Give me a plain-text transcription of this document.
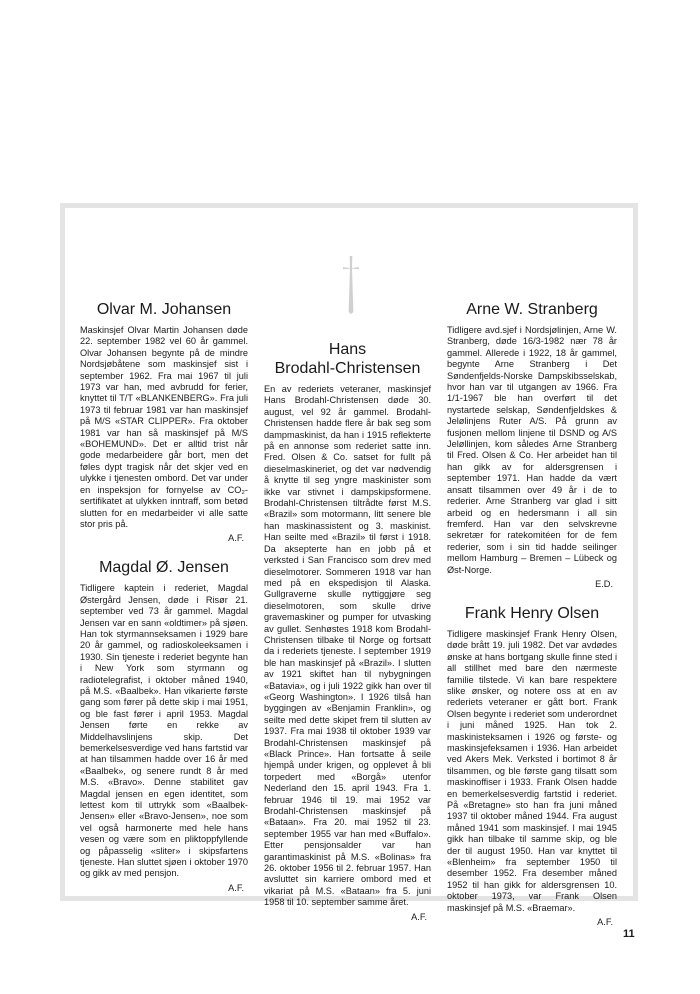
Olvar M. Johansen

Maskinsjef Olvar Martin Johansen døde 22. september 1982 vel 60 år gammel. Olvar Johansen begynte på de mindre Nordsjøbåtene som maskinsjef sist i september 1962. Fra mai 1967 til juli 1973 var han, med avbrudd for ferier, knyttet til T/T «BLANKENBERG». Fra juli 1973 til februar 1981 var han maskinsjef på M/S «STAR CLIPPER». Fra oktober 1981 var han så maskinsjef på M/S «BOHEMUND». Det er alltid trist når gode medarbeidere går bort, men det føles dypt tragisk når det skjer ved en ulykke i tjenesten ombord. Det var under en inspeksjon for fornyelse av CO₂-sertifikatet at ulykken inntraff, som betød slutten for en medarbeider vi alle satte stor pris på.

A.F.

Magdal Ø. Jensen

Tidligere kaptein i rederiet, Magdal Østergård Jensen, døde i Risør 21. september ved 73 år gammel. Magdal Jensen var en sann «oldtimer» på sjøen. Han tok styrmannseksamen i 1929 bare 20 år gammel, og radioskoleeksamen i 1930. Sin tjeneste i rederiet begynte han i New York som styrmann og radiotelegrafist, i oktober måned 1940, på M.S. «Baalbek». Han vikarierte første gang som fører på dette skip i mai 1951, og ble fast fører i april 1953. Magdal Jensen førte en rekke av Middelhavslinjens skip. Det bemerkelsesverdige ved hans fartstid var at han tilsammen hadde over 16 år med «Baalbek», og senere rundt 8 år med M.S. «Bravo». Denne stabilitet gav Magdal jensen en egen identitet, som lettest kom til uttrykk som «Baalbek-Jensen» eller «Bravo-Jensen», noe som vel også harmonerte med hele hans vesen og være som en pliktoppfyllende og påpasselig «sliter» i skipsfartens tjeneste. Han sluttet sjøen i oktober 1970 og gikk av med pensjon.

A.F.

Hans
Brodahl-Christensen

En av rederiets veteraner, maskinsjef Hans Brodahl-Christensen døde 30. august, vel 92 år gammel. Brodahl-Christensen hadde flere år bak seg som dampmaskinist, da han i 1915 reflekterte på en annonse som rederiet satte inn. Fred. Olsen & Co. satset for fullt på dieselmaskineriet, og det var nødvendig å knytte til seg yngre maskinister som ikke var stivnet i dampskipsformene. Brodahl-Christensen tiltrådte først M.S. «Brazil» som motormann, litt senere ble han maskinassistent og 3. maskinist. Han seilte med «Brazil» til først i 1918. Da aksepterte han en jobb på et verksted i San Francisco som drev med dieselmotorer. Sommeren 1918 var han med på en ekspedisjon til Alaska. Gullgraverne skulle nyttiggjøre seg dieselmotoren, som skulle drive gravemaskiner og pumper for utvasking av gullet. Senhøstes 1918 kom Brodahl-Christensen tilbake til Norge og fortsatt da i rederiets tjeneste. I september 1919 ble han maskinsjef på «Brazil». I slutten av 1921 skiftet han til nybygningen «Batavia», og i juli 1922 gikk han over til «Georg Washington». I 1926 tilså han byggingen av «Benjamin Franklin», og seilte med dette skipet frem til slutten av 1937. Fra mai 1938 til oktober 1939 var Brodahl-Christensen maskinsjef på «Black Prince». Han fortsatte å seile hjempå under krigen, og opplevet å bli torpedert med «Borgå» utenfor Nederland den 15. april 1943. Fra 1. februar 1946 til 19. mai 1952 var Brodahl-Christensen maskinsjef på «Bataan». Fra 20. mai 1952 til 23. september 1955 var han med «Buffalo». Etter pensjonsalder var han garantimaskinist på M.S. «Bolinas» fra 26. oktober 1956 til 2. februar 1957. Han avsluttet sin karriere ombord med et vikariat på M.S. «Bataan» fra 5. juni 1958 til 10. september samme året.

A.F.

Arne W. Stranberg

Tidligere avd.sjef i Nordsjølinjen, Arne W. Stranberg, døde 16/3-1982 nær 78 år gammel. Allerede i 1922, 18 år gammel, begynte Arne Stranberg i Det Søndenfjelds-Norske Dampskibsselskab, hvor han var til utgangen av 1966. Fra 1/1-1967 ble han overført til det nystartede selskap, Søndenfjeldskes & Jelølinjens Ruter A/S. På grunn av fusjonen mellom linjene til DSND og A/S Jeløllinjen, kom således Arne Stranberg til Fred. Olsen & Co. Her arbeidet han til han gikk av for aldersgrensen i september 1971. Han hadde da vært ansatt tilsammen over 49 år i de to rederier. Arne Stranberg var glad i sitt arbeid og en hedersmann i all sin fremferd. Han var den selvskrevne sekretær for ratekomitéen for de fem rederier, som i sin tid hadde seilinger mellom Hamburg – Bremen – Lübeck og Øst-Norge.

E.D.

Frank Henry Olsen

Tidligere maskinsjef Frank Henry Olsen, døde brått 19. juli 1982. Det var avdødes ønske at hans bortgang skulle finne sted i all stillhet med bare den nærmeste familie tilstede. Vi kan bare respektere slike ønsker, og notere oss at en av rederiets veteraner er gått bort. Frank Olsen begynte i rederiet som underordnet i juni måned 1925. Han tok 2. maskinisteksamen i 1926 og første- og maskinsjefeksamen i 1936. Han arbeidet ved Akers Mek. Verksted i bortimot 8 år tilsammen, og ble første gang tilsatt som maskinoffiser i 1933. Frank Olsen hadde en bemerkelsesverdig fartstid i rederiet. På «Bretagne» sto han fra juni måned 1937 til oktober måned 1944. Fra august måned 1941 som maskinsjef. I mai 1945 gikk han tilbake til samme skip, og ble der til august 1950. Han var knyttet til «Blenheim» fra september 1950 til desember 1952. Fra desember måned 1952 til han gikk for aldersgrensen 10. oktober 1973, var Frank Olsen maskinsjef på M.S. «Braemar».

A.F.

11
